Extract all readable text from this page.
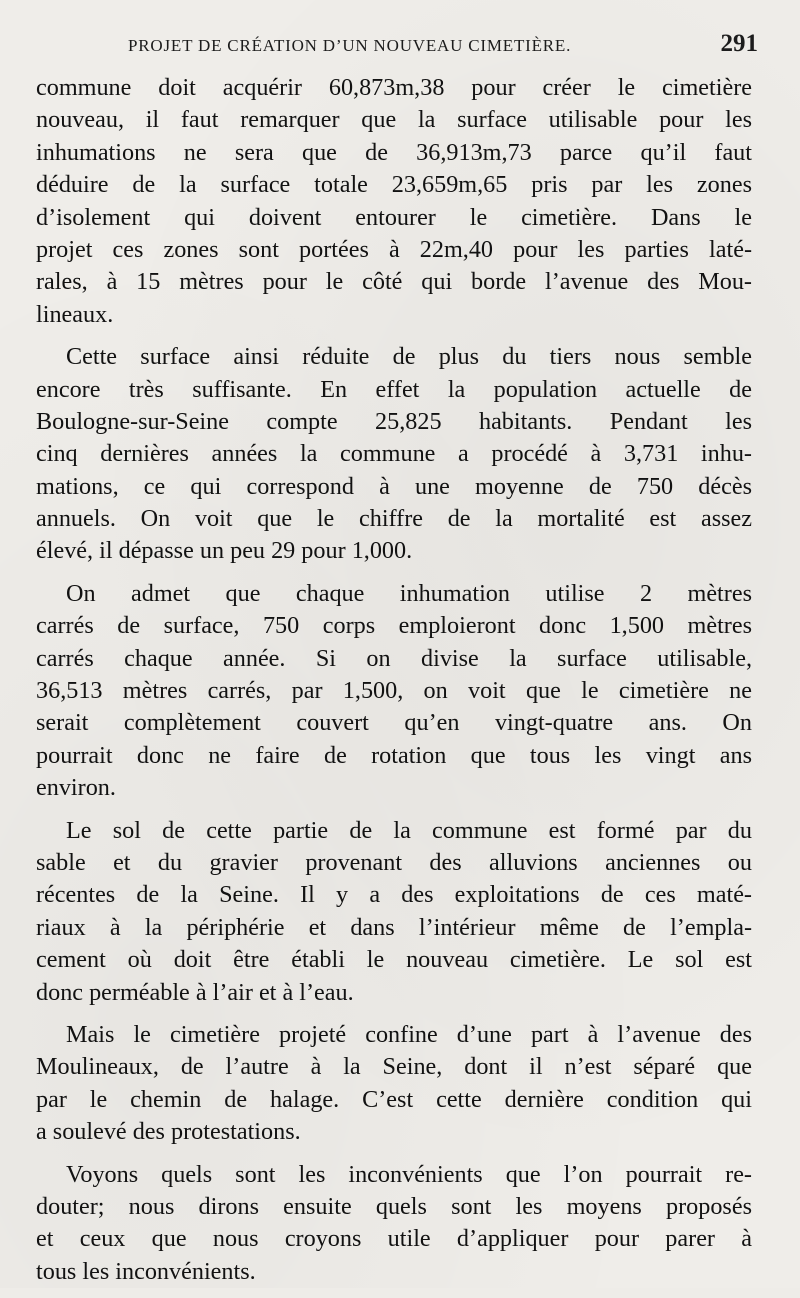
PROJET DE CRÉATION D’UN NOUVEAU CIMETIÈRE.	291

commune doit acquérir 60,873m,38 pour créer le cimetière
nouveau, il faut remarquer que la surface utilisable pour les
inhumations ne sera que de 36,913m,73 parce qu’il faut
déduire de la surface totale 23,659m,65 pris par les zones
d’isolement qui doivent entourer le cimetière. Dans le
projet ces zones sont portées à 22m,40 pour les parties laté-
rales, à 15 mètres pour le côté qui borde l’avenue des Mou-
lineaux.

Cette surface ainsi réduite de plus du tiers nous semble
encore très suffisante. En effet la population actuelle de
Boulogne-sur-Seine compte 25,825 habitants. Pendant les
cinq dernières années la commune a procédé à 3,731 inhu-
mations, ce qui correspond à une moyenne de 750 décès
annuels. On voit que le chiffre de la mortalité est assez
élevé, il dépasse un peu 29 pour 1,000.

On admet que chaque inhumation utilise 2 mètres
carrés de surface, 750 corps emploieront donc 1,500 mètres
carrés chaque année. Si on divise la surface utilisable,
36,513 mètres carrés, par 1,500, on voit que le cimetière ne
serait complètement couvert qu’en vingt-quatre ans. On
pourrait donc ne faire de rotation que tous les vingt ans
environ.

Le sol de cette partie de la commune est formé par du
sable et du gravier provenant des alluvions anciennes ou
récentes de la Seine. Il y a des exploitations de ces maté-
riaux à la périphérie et dans l’intérieur même de l’empla-
cement où doit être établi le nouveau cimetière. Le sol est
donc perméable à l’air et à l’eau.

Mais le cimetière projeté confine d’une part à l’avenue des
Moulineaux, de l’autre à la Seine, dont il n’est séparé que
par le chemin de halage. C’est cette dernière condition qui
a soulevé des protestations.

Voyons quels sont les inconvénients que l’on pourrait re-
douter; nous dirons ensuite quels sont les moyens proposés
et ceux que nous croyons utile d’appliquer pour parer à
tous les inconvénients.
